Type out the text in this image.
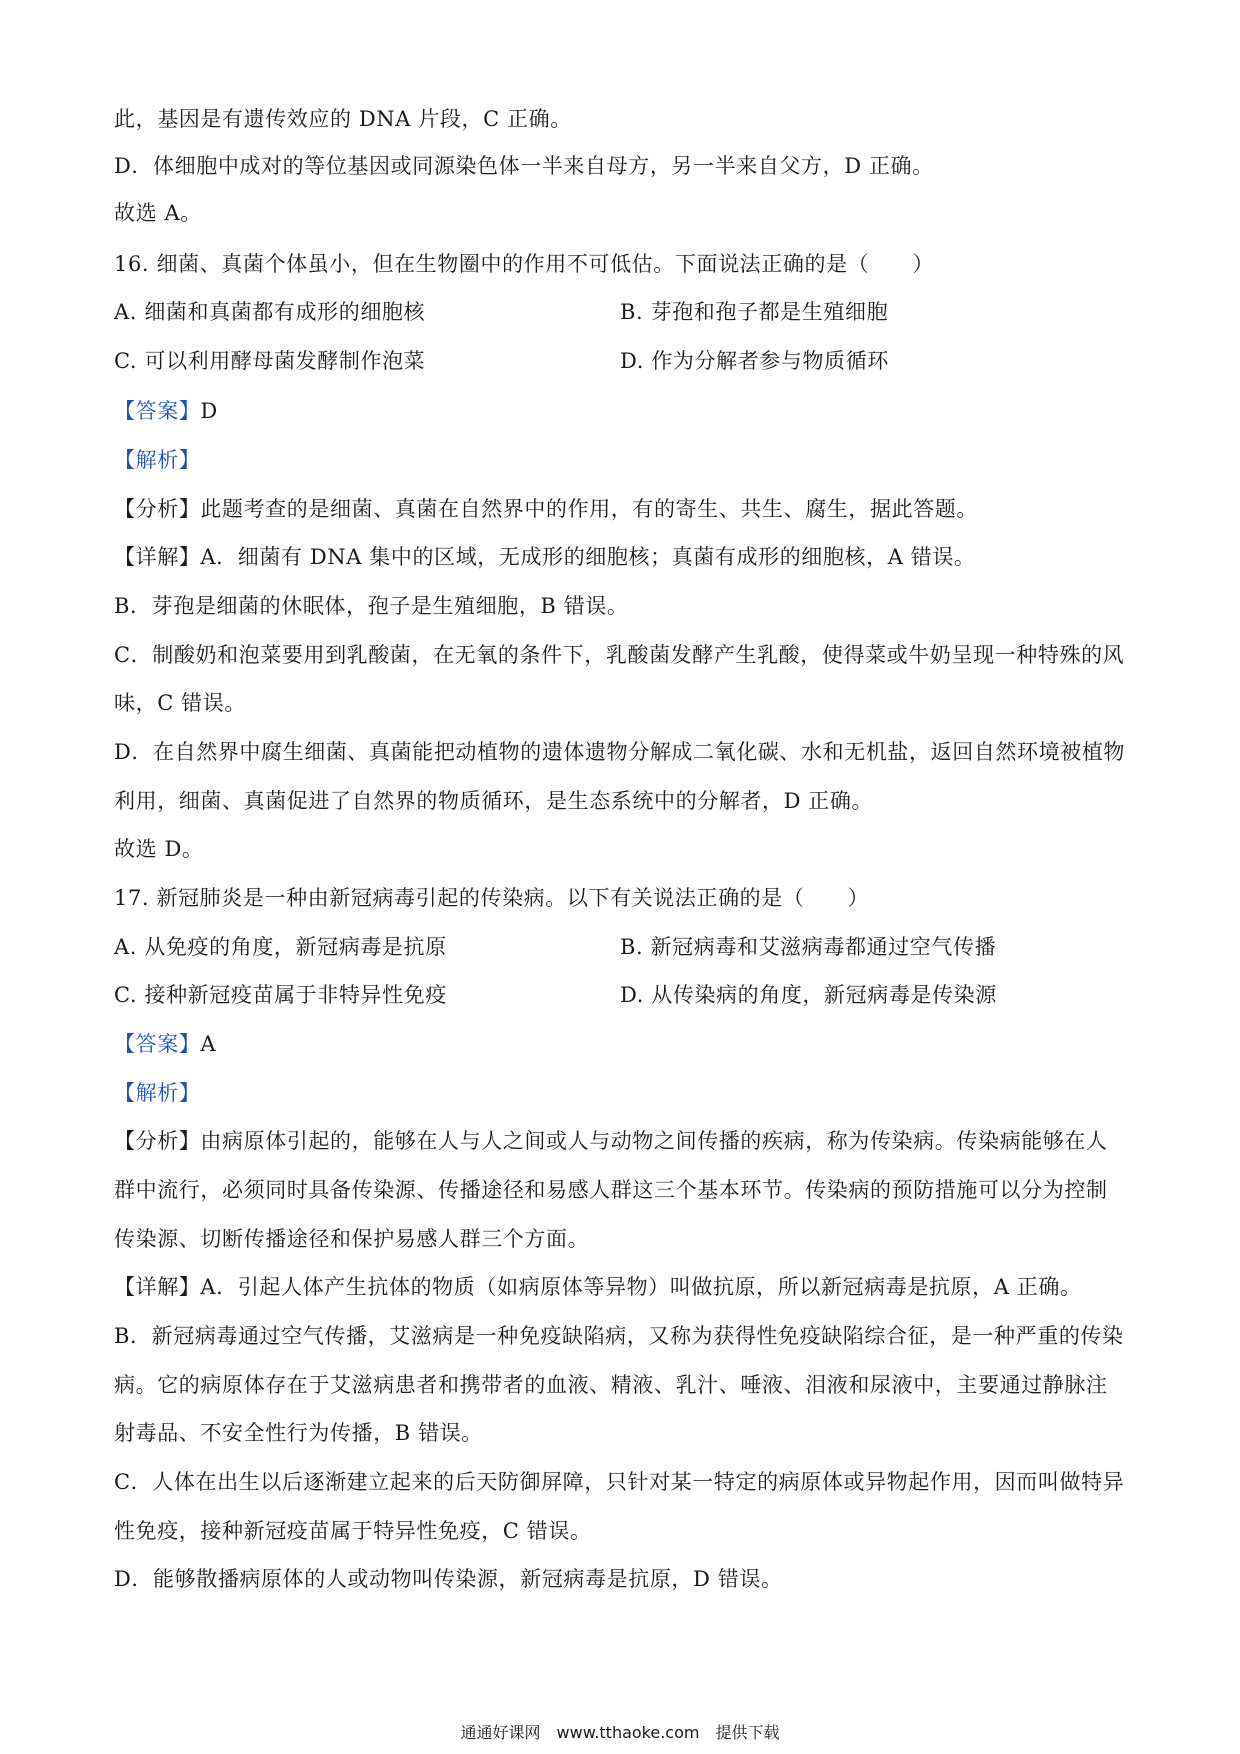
此，基因是有遗传效应的 DNA 片段，C 正确。
D．体细胞中成对的等位基因或同源染色体一半来自母方，另一半来自父方，D 正确。
故选 A。
16. 细菌、真菌个体虽小，但在生物圈中的作用不可低估。下面说法正确的是（　　）
A. 细菌和真菌都有成形的细胞核	B. 芽孢和孢子都是生殖细胞
C. 可以利用酵母菌发酵制作泡菜	D. 作为分解者参与物质循环
【答案】D
【解析】
【分析】此题考查的是细菌、真菌在自然界中的作用，有的寄生、共生、腐生，据此答题。
【详解】A．细菌有 DNA 集中的区域，无成形的细胞核；真菌有成形的细胞核，A 错误。
B．芽孢是细菌的休眠体，孢子是生殖细胞，B 错误。
C．制酸奶和泡菜要用到乳酸菌，在无氧的条件下，乳酸菌发酵产生乳酸，使得菜或牛奶呈现一种特殊的风
味，C 错误。
D．在自然界中腐生细菌、真菌能把动植物的遗体遗物分解成二氧化碳、水和无机盐，返回自然环境被植物
利用，细菌、真菌促进了自然界的物质循环，是生态系统中的分解者，D 正确。
故选 D。
17. 新冠肺炎是一种由新冠病毒引起的传染病。以下有关说法正确的是（　　）
A. 从免疫的角度，新冠病毒是抗原	B. 新冠病毒和艾滋病毒都通过空气传播
C. 接种新冠疫苗属于非特异性免疫	D. 从传染病的角度，新冠病毒是传染源
【答案】A
【解析】
【分析】由病原体引起的，能够在人与人之间或人与动物之间传播的疾病，称为传染病。传染病能够在人
群中流行，必须同时具备传染源、传播途径和易感人群这三个基本环节。传染病的预防措施可以分为控制
传染源、切断传播途径和保护易感人群三个方面。
【详解】A．引起人体产生抗体的物质（如病原体等异物）叫做抗原，所以新冠病毒是抗原，A 正确。
B．新冠病毒通过空气传播，艾滋病是一种免疫缺陷病，又称为获得性免疫缺陷综合征，是一种严重的传染
病。它的病原体存在于艾滋病患者和携带者的血液、精液、乳汁、唾液、泪液和尿液中，主要通过静脉注
射毒品、不安全性行为传播，B 错误。
C．人体在出生以后逐渐建立起来的后天防御屏障，只针对某一特定的病原体或异物起作用，因而叫做特异
性免疫，接种新冠疫苗属于特异性免疫，C 错误。
D．能够散播病原体的人或动物叫传染源，新冠病毒是抗原，D 错误。
通通好课网　www.tthaoke.com　提供下载
